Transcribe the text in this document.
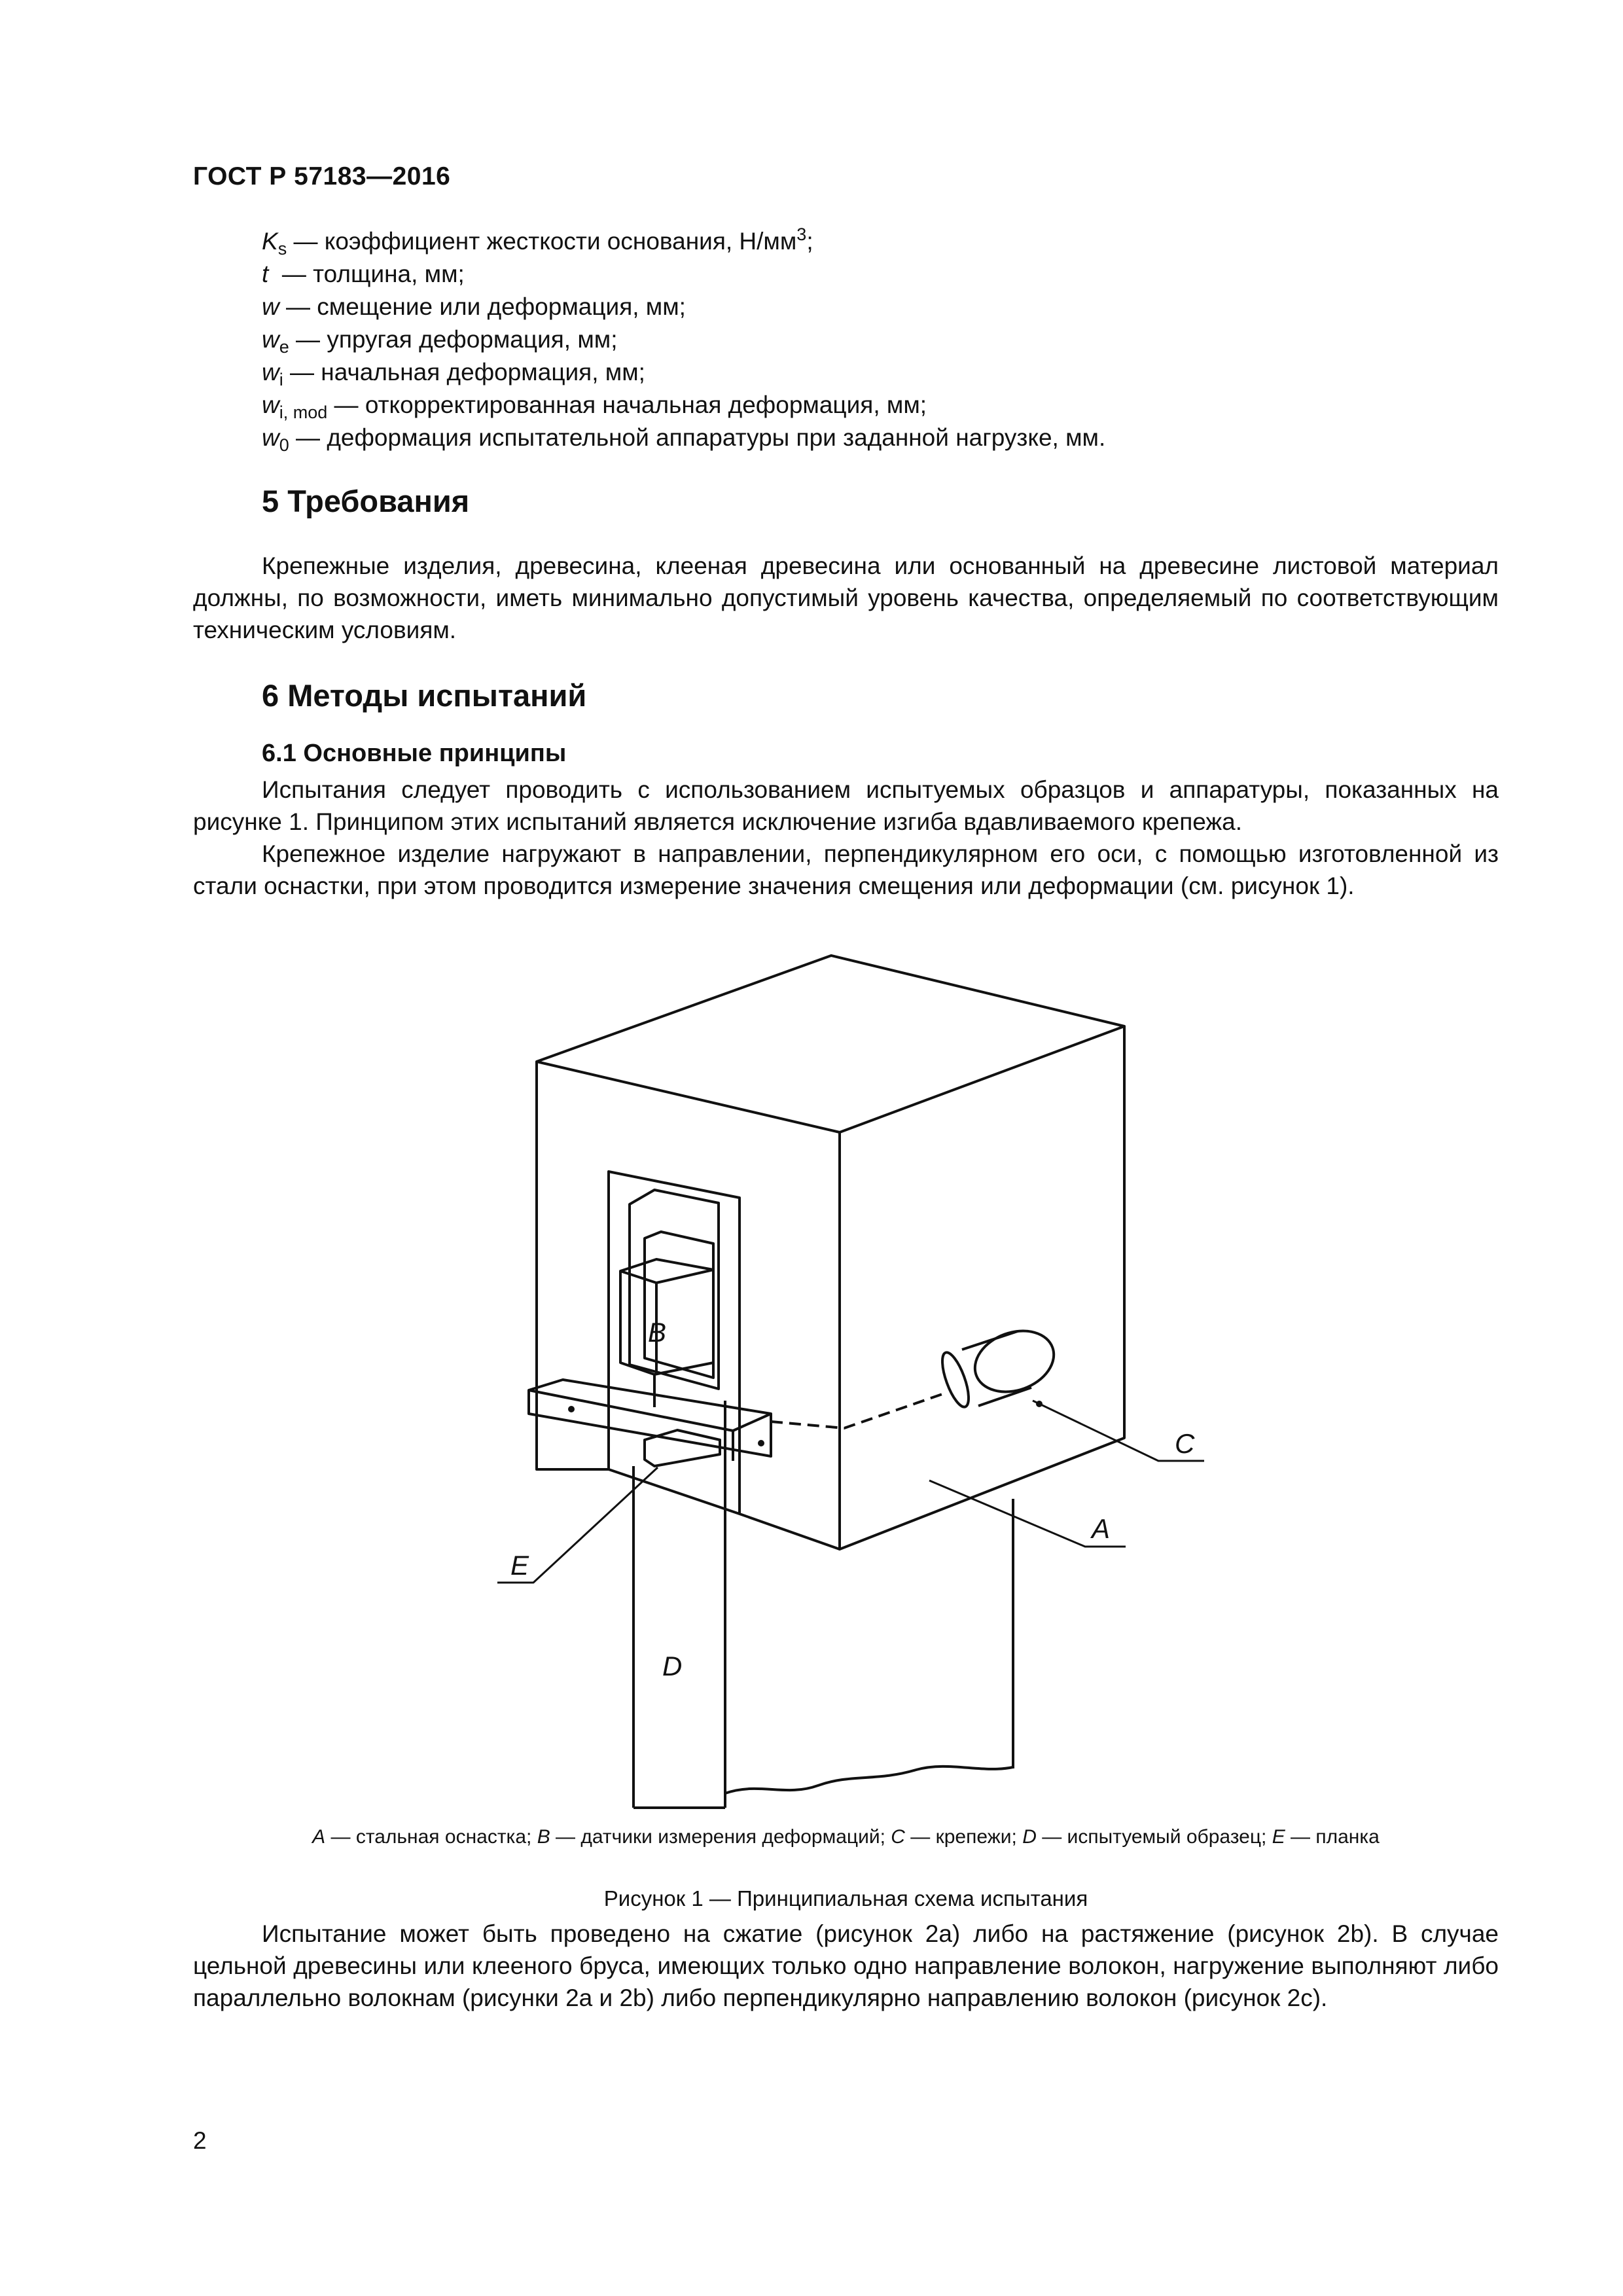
ГОСТ Р 57183—2016
$K_s$ — коэффициент жесткости основания, $Н/мм^3$;
t  — толщина, мм;
w — смещение или деформация, мм;
$w_e$ — упругая деформация, мм;
$w_i$ — начальная деформация, мм;
$w_{i, mod}$ — откорректированная начальная деформация, мм;
$w_0$ — деформация испытательной аппаратуры при заданной нагрузке, мм.
5 Требования

Крепежные изделия, древесина, клееная древесина или основанный на древесине листовой материал должны, по возможности, иметь минимально допустимый уровень качества, определяемый по соответствующим техническим условиям.

6 Методы испытаний
6.1 Основные принципы

Испытания следует проводить с использованием испытуемых образцов и аппаратуры, показанных на рисунке 1. Принципом этих испытаний является исключение изгиба вдавливаемого крепежа.

Крепежное изделие нагружают в направлении, перпендикулярном его оси, с помощью изготовленной из стали оснастки, при этом проводится измерение значения смещения или деформации (см. рисунок 1).

B
C
A
E
D
A — стальная оснастка; B — датчики измерения деформаций; C — крепежи; D — испытуемый образец; E — планка
Рисунок 1 — Принципиальная схема испытания

Испытание может быть проведено на сжатие (рисунок 2а) либо на растяжение (рисунок 2b). В случае цельной древесины или клееного бруса, имеющих только одно направление волокон, нагружение выполняют либо параллельно волокнам (рисунки 2а и 2b) либо перпендикулярно направлению волокон (рисунок 2с).

2
